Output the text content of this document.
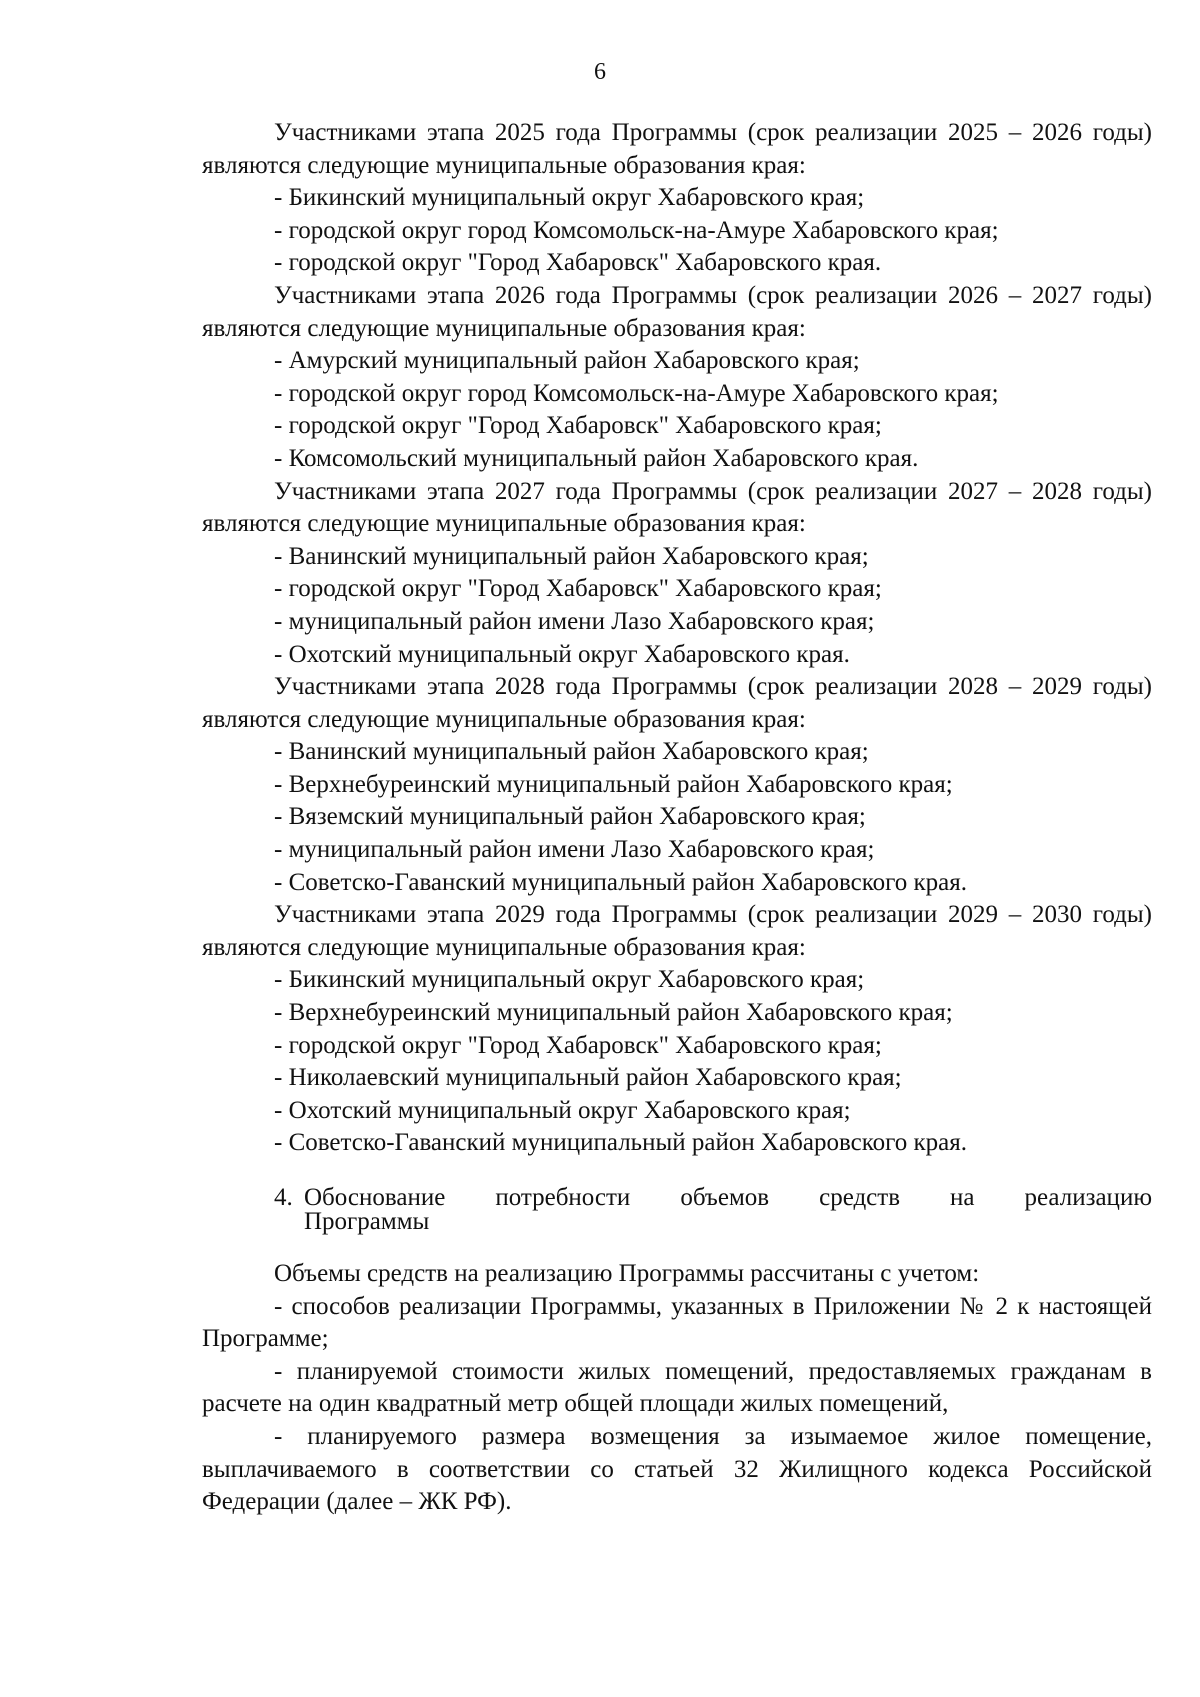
6

Участниками этапа 2025 года Программы (срок реализации 2025 – 2026 годы) являются следующие муниципальные образования края:

- Бикинский муниципальный округ Хабаровского края;

- городской округ город Комсомольск-на-Амуре Хабаровского края;

- городской округ "Город Хабаровск" Хабаровского края.

Участниками этапа 2026 года Программы (срок реализации 2026 – 2027 годы) являются следующие муниципальные образования края:

- Амурский муниципальный район Хабаровского края;

- городской округ город Комсомольск-на-Амуре Хабаровского края;

- городской округ "Город Хабаровск" Хабаровского края;

- Комсомольский муниципальный район Хабаровского края.

Участниками этапа 2027 года Программы (срок реализации 2027 – 2028 годы) являются следующие муниципальные образования края:

- Ванинский муниципальный район Хабаровского края;

- городской округ "Город Хабаровск" Хабаровского края;

- муниципальный район имени Лазо Хабаровского края;

- Охотский муниципальный округ Хабаровского края.

Участниками этапа 2028 года Программы (срок реализации 2028 – 2029 годы) являются следующие муниципальные образования края:

- Ванинский муниципальный район Хабаровского края;

- Верхнебуреинский муниципальный район Хабаровского края;

- Вяземский муниципальный район Хабаровского края;

- муниципальный район имени Лазо Хабаровского края;

- Советско-Гаванский муниципальный район Хабаровского края.

Участниками этапа 2029 года Программы (срок реализации 2029 – 2030 годы) являются следующие муниципальные образования края:

- Бикинский муниципальный округ Хабаровского края;

- Верхнебуреинский муниципальный район Хабаровского края;

- городской округ "Город Хабаровск" Хабаровского края;

- Николаевский муниципальный район Хабаровского края;

- Охотский муниципальный округ Хабаровского края;

- Советско-Гаванский муниципальный район Хабаровского края.

4. Обоснование потребности объемов средств на реализацию
Программы

Объемы средств на реализацию Программы рассчитаны с учетом:

- способов реализации Программы, указанных в Приложении № 2 к настоящей Программе;

- планируемой стоимости жилых помещений, предоставляемых гражданам в расчете на один квадратный метр общей площади жилых помещений,

- планируемого размера возмещения за изымаемое жилое помещение, выплачиваемого в соответствии со статьей 32 Жилищного кодекса Российской Федерации (далее – ЖК РФ).
